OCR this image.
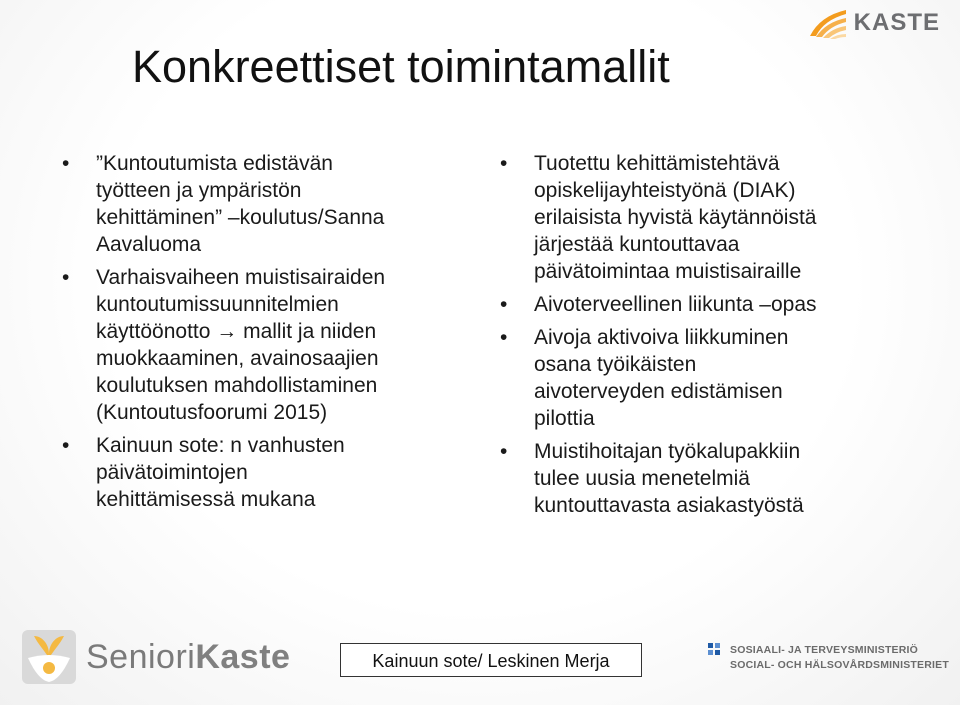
KASTE
Konkreettiset toimintamallit
• ”Kuntoutumista edistävän
työtteen ja ympäristön
kehittäminen” –koulutus/Sanna
Aavaluoma
• Varhaisvaiheen muistisairaiden
kuntoutumissuunnitelmien
käyttöönotto → mallit ja niiden
muokkaaminen, avainosaajien
koulutuksen mahdollistaminen
(Kuntoutusfoorumi 2015)
• Kainuun sote: n vanhusten
päivätoimintojen
kehittämisessä mukana
• Tuotettu kehittämistehtävä
opiskelijayhteistyönä (DIAK)
erilaisista hyvistä käytännöistä
järjestää kuntouttavaa
päivätoimintaa muistisairaille
• Aivoterveellinen liikunta –opas
• Aivoja aktivoiva liikkuminen
osana työikäisten
aivoterveyden edistämisen
pilottia
• Muistihoitajan työkalupakkiin
tulee uusia menetelmiä
kuntouttavasta asiakastyöstä
SenioriKaste	Kainuun sote/ Leskinen Merja
SOSIAALI- JA TERVEYSMINISTERIÖ
SOCIAL- OCH HÄLSOVÅRDSMINISTERIET
